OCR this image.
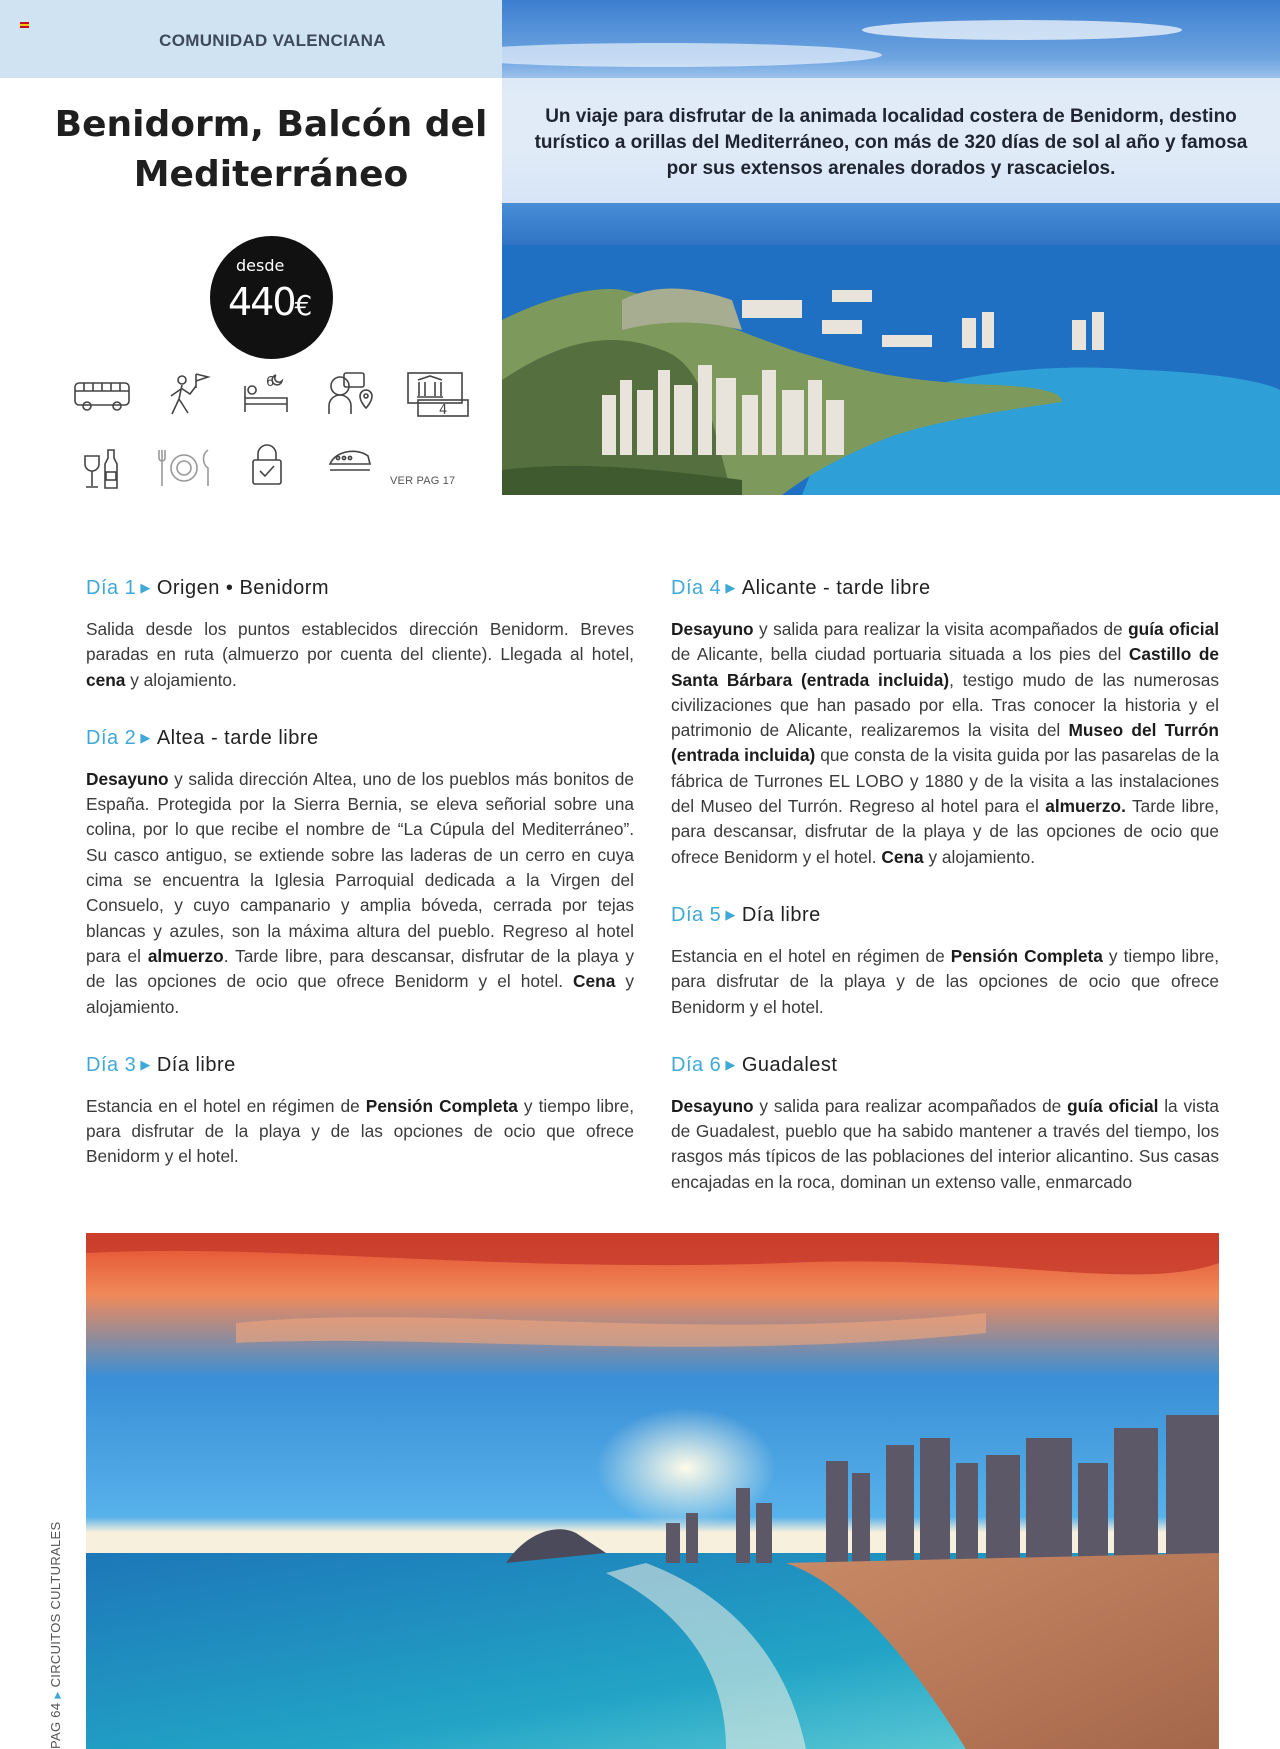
COMUNIDAD VALENCIANA
Benidorm, Balcón del
Mediterráneo
desde
440€
6
4
VER PAG 17
Un viaje para disfrutar de la animada localidad costera de Benidorm, destino turístico a orillas del Mediterráneo, con más de 320 días de sol al año y famosa por sus extensos arenales dorados y rascacielos.
Día 1 ▶ Origen • Benidorm

Salida desde los puntos establecidos dirección Benidorm. Breves paradas en ruta (almuerzo por cuenta del cliente). Llegada al hotel, cena y alojamiento.

Día 2 ▶ Altea - tarde libre

Desayuno y salida dirección Altea, uno de los pueblos más bonitos de España. Protegida por la Sierra Bernia, se eleva señorial sobre una colina, por lo que recibe el nombre de “La Cúpula del Mediterráneo”. Su casco antiguo, se extiende sobre las laderas de un cerro en cuya cima se encuentra la Iglesia Parroquial dedicada a la Virgen del Consuelo, y cuyo campanario y amplia bóveda, cerrada por tejas blancas y azules, son la máxima altura del pueblo. Regreso al hotel para el almuerzo. Tarde libre, para descansar, disfrutar de la playa y de las opciones de ocio que ofrece Benidorm y el hotel. Cena y alojamiento.

Día 3 ▶ Día libre

Estancia en el hotel en régimen de Pensión Completa y tiempo libre, para disfrutar de la playa y de las opciones de ocio que ofrece Benidorm y el hotel.

Día 4 ▶ Alicante - tarde libre

Desayuno y salida para realizar la visita acompañados de guía oficial de Alicante, bella ciudad portuaria situada a los pies del Castillo de Santa Bárbara (entrada incluida), testigo mudo de las numerosas civilizaciones que han pasado por ella. Tras conocer la historia y el patrimonio de Alicante, realizaremos la visita del Museo del Turrón (entrada incluida) que consta de la visita guida por las pasarelas de la fábrica de Turrones EL LOBO y 1880 y de la visita a las instalaciones del Museo del Turrón. Regreso al hotel para el almuerzo. Tarde libre, para descansar, disfrutar de la playa y de las opciones de ocio que ofrece Benidorm y el hotel. Cena y alojamiento.

Día 5 ▶ Día libre

Estancia en el hotel en régimen de Pensión Completa y tiempo libre, para disfrutar de la playa y de las opciones de ocio que ofrece Benidorm y el hotel.

Día 6 ▶ Guadalest

Desayuno y salida para realizar acompañados de guía oficial la vista de Guadalest, pueblo que ha sabido mantener a través del tiempo, los rasgos más típicos de las poblaciones del interior alicantino. Sus casas encajadas en la roca, dominan un extenso valle, enmarcado

PAG 64▶CIRCUITOS CULTURALES
